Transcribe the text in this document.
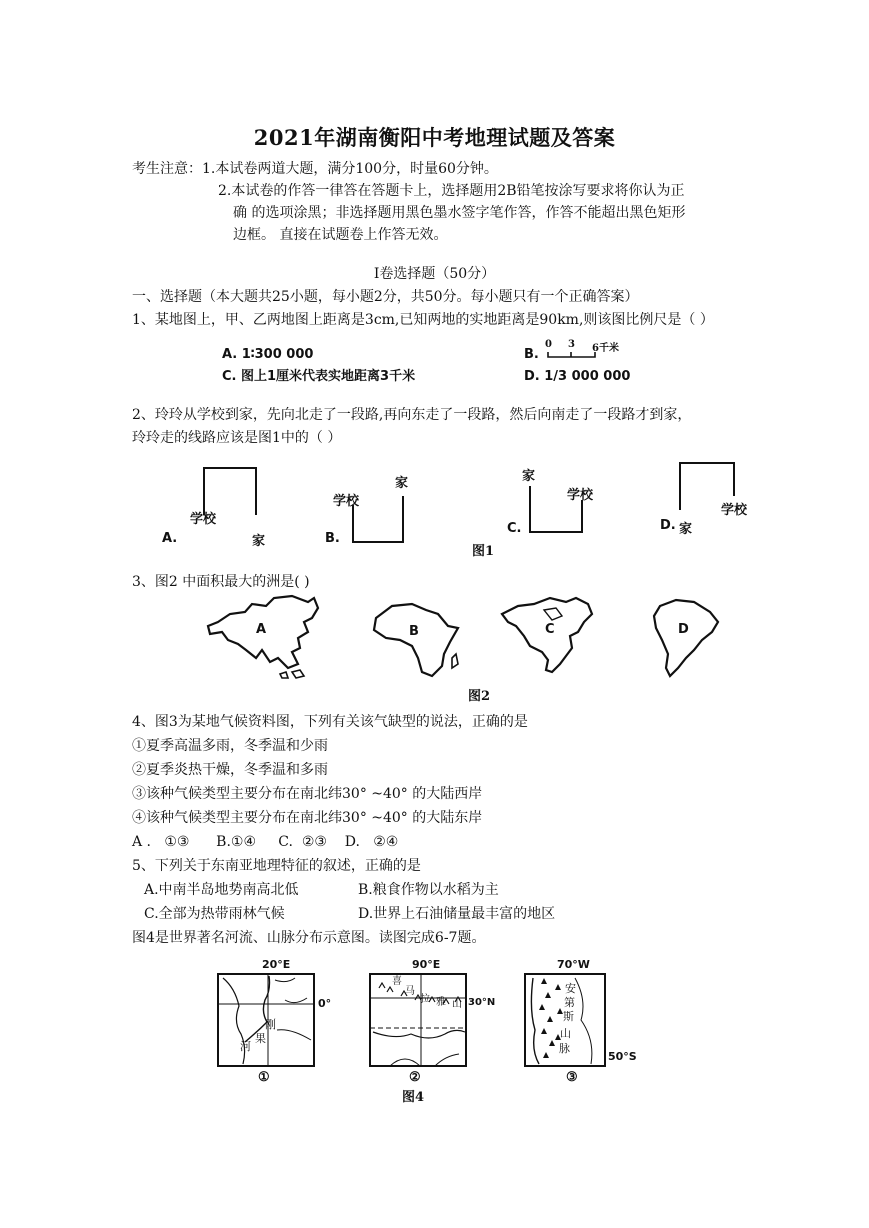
2021年湖南衡阳中考地理试题及答案
考生注意： 1.本试卷两道大题，满分100分，时量60分钟。
2.本试卷的作答一律答在答题卡上，选择题用2B铅笔按涂写要求将你认为正
确 的选项涂黑；非选择题用黑色墨水签字笔作答，作答不能超出黑色矩形
边框。 直接在试题卷上作答无效。
Ⅰ卷选择题（50分）
一、选择题（本大题共25小题，每小题2分，共50分。每小题只有一个正确答案）
1、某地图上，甲、乙两地图上距离是3cm,已知两地的实地距离是90km,则该图比例尺是（ ）
A. 1∶300 000	B.
0 3 6千米
C. 图上1厘米代表实地距离3千米	D. 1/3 000 000
2、玲玲从学校到家，先向北走了一段路,再向东走了一段路，然后向南走了一段路才到家，
玲玲走的线路应该是图1中的（ ）
学校
家
A.
学校
家
B.
家
学校
C.	家
学校
D.
图1
3、图2 中面积最大的洲是( )
A	B	C	D
图2
4、图3为某地气候资料图，下列有关该气缺型的说法，正确的是
①夏季高温多雨，冬季温和少雨
②夏季炎热干燥，冬季温和多雨
③该种气候类型主要分布在南北纬30° ~40° 的大陆西岸
④该种气候类型主要分布在南北纬30° ~40° 的大陆东岸
A .   ①③      B.①④     C.  ②③    D.   ②④
5、下列关于东南亚地理特征的叙述，正确的是
A.中南半岛地势南高北低	B.粮食作物以水稻为主
C.全部为热带雨林气候	D.世界上石油储量最丰富的地区
图4是世界著名河流、山脉分布示意图。读图完成6-7题。
20°E
0°
刚
果
河
①
90°E
30°N
喜
马
拉 雅 山
②
70°W
50°S
安
第
斯
山
脉
③
图4
